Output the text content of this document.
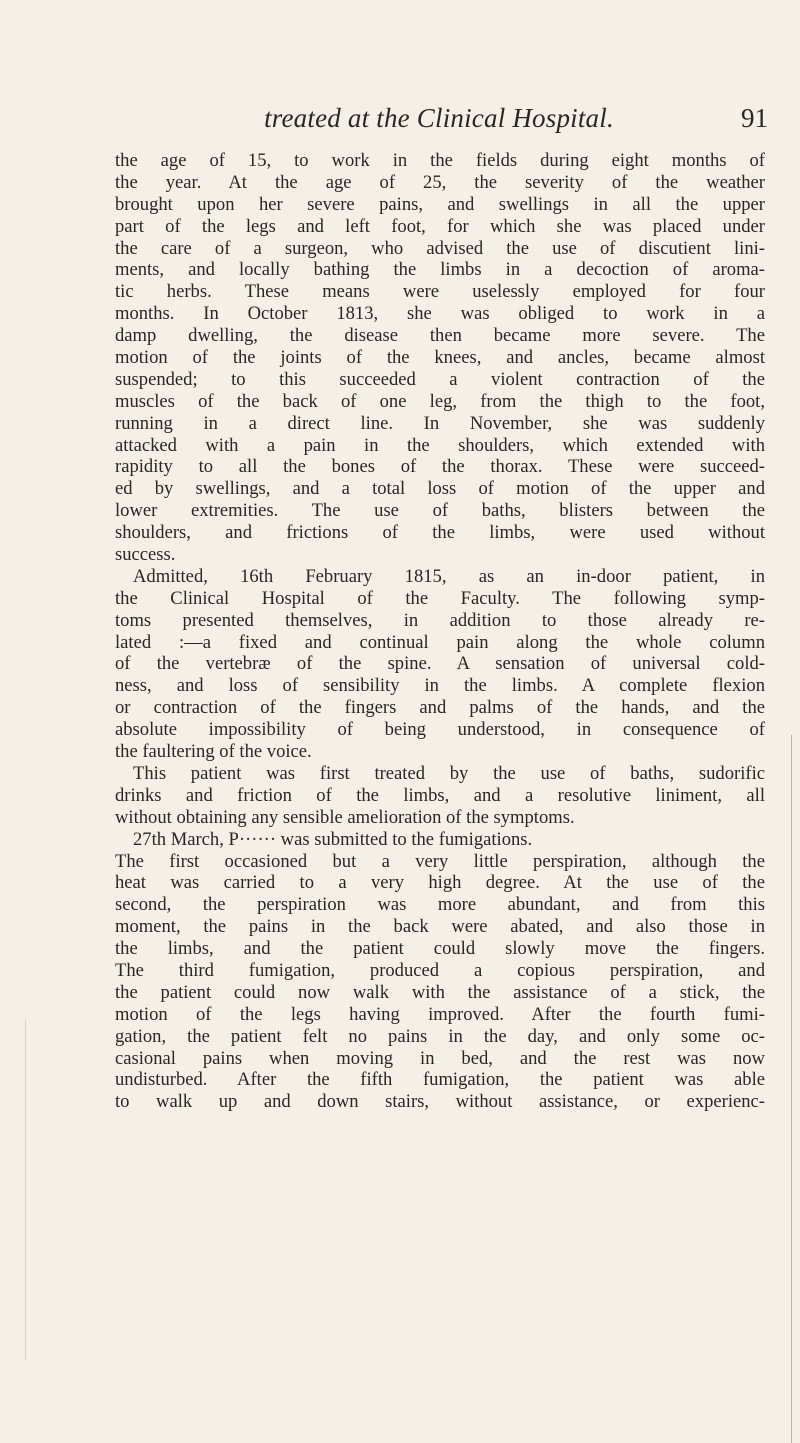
treated at the Clinical Hospital.	91
the age of 15, to work in the fields during eight months of
the year. At the age of 25, the severity of the weather
brought upon her severe pains, and swellings in all the upper
part of the legs and left foot, for which she was placed under
the care of a surgeon, who advised the use of discutient lini-
ments, and locally bathing the limbs in a decoction of aroma-
tic herbs. These means were uselessly employed for four
months. In October 1813, she was obliged to work in a
damp dwelling, the disease then became more severe. The
motion of the joints of the knees, and ancles, became almost
suspended; to this succeeded a violent contraction of the
muscles of the back of one leg, from the thigh to the foot,
running in a direct line. In November, she was suddenly
attacked with a pain in the shoulders, which extended with
rapidity to all the bones of the thorax. These were succeed-
ed by swellings, and a total loss of motion of the upper and
lower extremities. The use of baths, blisters between the
shoulders, and frictions of the limbs, were used without
success.
Admitted, 16th February 1815, as an in-door patient, in
the Clinical Hospital of the Faculty. The following symp-
toms presented themselves, in addition to those already re-
lated :—a fixed and continual pain along the whole column
of the vertebræ of the spine. A sensation of universal cold-
ness, and loss of sensibility in the limbs. A complete flexion
or contraction of the fingers and palms of the hands, and the
absolute impossibility of being understood, in consequence of
the faultering of the voice.
This patient was first treated by the use of baths, sudorific
drinks and friction of the limbs, and a resolutive liniment, all
without obtaining any sensible amelioration of the symptoms.
27th March, P······ was submitted to the fumigations.
The first occasioned but a very little perspiration, although the
heat was carried to a very high degree. At the use of the
second, the perspiration was more abundant, and from this
moment, the pains in the back were abated, and also those in
the limbs, and the patient could slowly move the fingers.
The third fumigation, produced a copious perspiration, and
the patient could now walk with the assistance of a stick, the
motion of the legs having improved. After the fourth fumi-
gation, the patient felt no pains in the day, and only some oc-
casional pains when moving in bed, and the rest was now
undisturbed. After the fifth fumigation, the patient was able
to walk up and down stairs, without assistance, or experienc-
